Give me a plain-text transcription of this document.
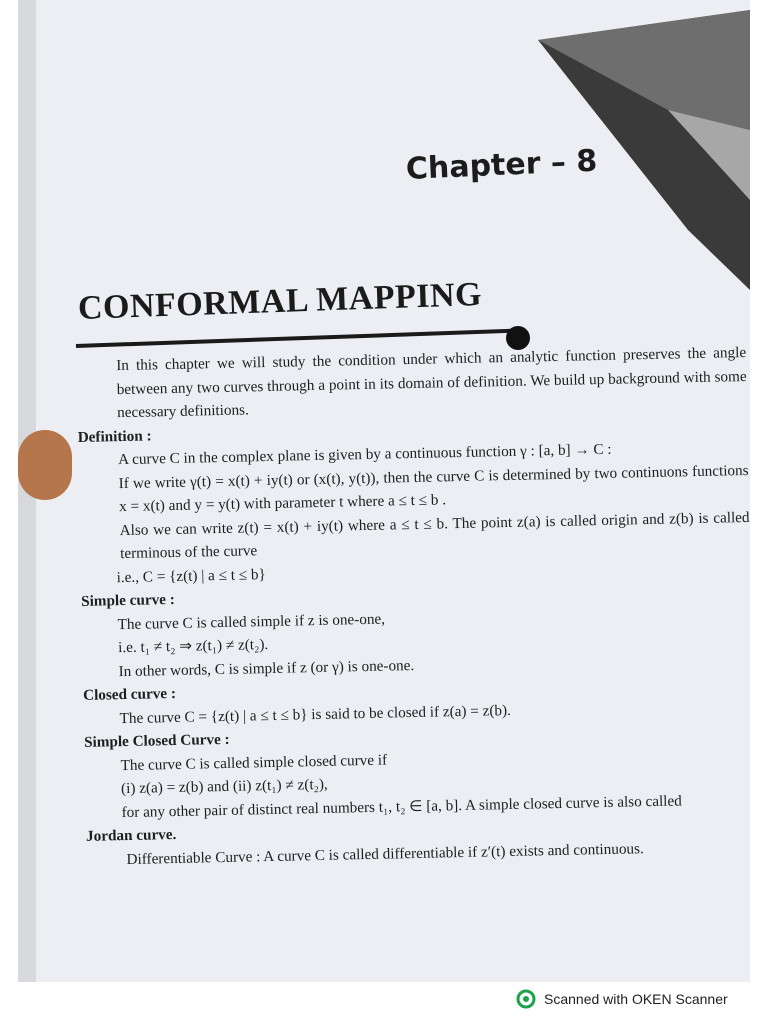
Chapter – 8
CONFORMAL MAPPING

In this chapter we will study the condition under which an analytic function preserves the angle between any two curves through a point in its domain of definition. We build up background with some necessary definitions.

Definition :

A curve C in the complex plane is given by a continuous function γ : [a, b] → C :

If we write γ(t) = x(t) + iy(t) or (x(t), y(t)), then the curve C is determined by two continuons functions x = x(t) and y = y(t) with parameter t where a ≤ t ≤ b .

Also we can write z(t) = x(t) + iy(t) where a ≤ t ≤ b. The point z(a) is called origin and z(b) is called terminous of the curve

i.e., C = {z(t) | a ≤ t ≤ b}

Simple curve :

The curve C is called simple if z is one-one,

i.e. t₁ ≠ t₂ ⇒ z(t₁) ≠ z(t₂).

In other words, C is simple if z (or γ) is one-one.

Closed curve :

The curve C = {z(t) | a ≤ t ≤ b} is said to be closed if z(a) = z(b).

Simple Closed Curve :

The curve C is called simple closed curve if

(i) z(a) = z(b) and (ii) z(t₁) ≠ z(t₂),

for any other pair of distinct real numbers t₁, t₂ ∈ [a, b]. A simple closed curve is also called

Jordan curve.

Differentiable Curve : A curve C is called differentiable if z′(t) exists and continuous.

Scanned with OKEN Scanner
